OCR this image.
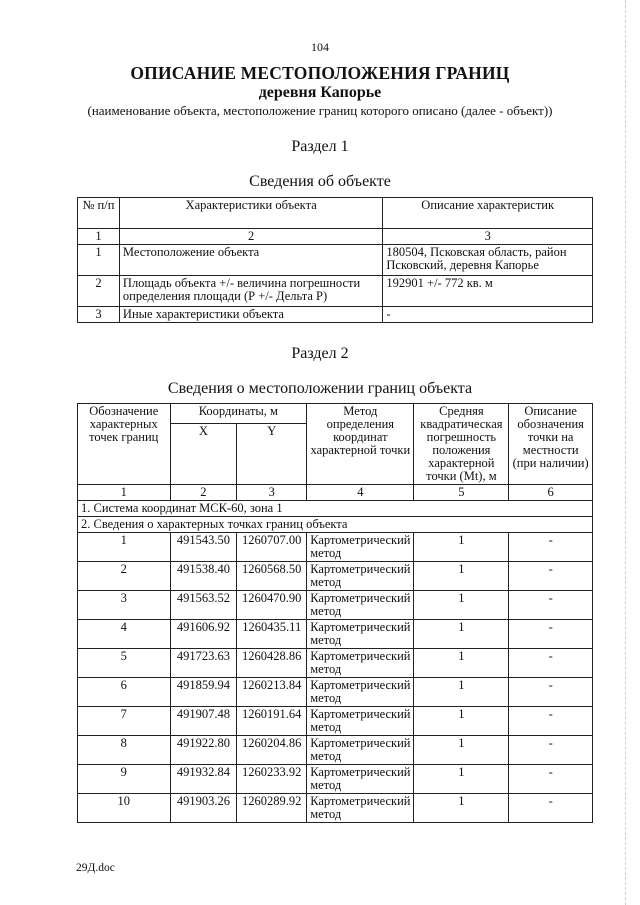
104
ОПИСАНИЕ МЕСТОПОЛОЖЕНИЯ ГРАНИЦ
деревня Капорье
(наименование объекта, местоположение границ которого описано (далее - объект))
Раздел 1
Сведения об объекте
№ п/п	Характеристики объекта	Описание характеристик
1	2	3
1	Местоположение объекта	180504, Псковская область, район Псковский, деревня Капорье
2	Площадь объекта +/- величина погрешности определения площади (Р +/- Дельта Р)	192901 +/- 772 кв. м
3	Иные характеристики объекта	-
Раздел 2
Сведения о местоположении границ объекта
Обозначение характерных точек границ	Координаты, м		Метод определения координат характерной точки	Средняя квадратическая погрешность положения характерной точки (Mt), м	Описание обозначения точки на местности (при наличии)
	X	Y			
1	2	3	4	5	6
1. Система координат МСК-60, зона 1					
2. Сведения о характерных точках границ объекта					
1	491543.50	1260707.00	Картометрический метод	1	-
2	491538.40	1260568.50	Картометрический метод	1	-
3	491563.52	1260470.90	Картометрический метод	1	-
4	491606.92	1260435.11	Картометрический метод	1	-
5	491723.63	1260428.86	Картометрический метод	1	-
6	491859.94	1260213.84	Картометрический метод	1	-
7	491907.48	1260191.64	Картометрический метод	1	-
8	491922.80	1260204.86	Картометрический метод	1	-
9	491932.84	1260233.92	Картометрический метод	1	-
10	491903.26	1260289.92	Картометрический метод	1	-
29Д.doc
